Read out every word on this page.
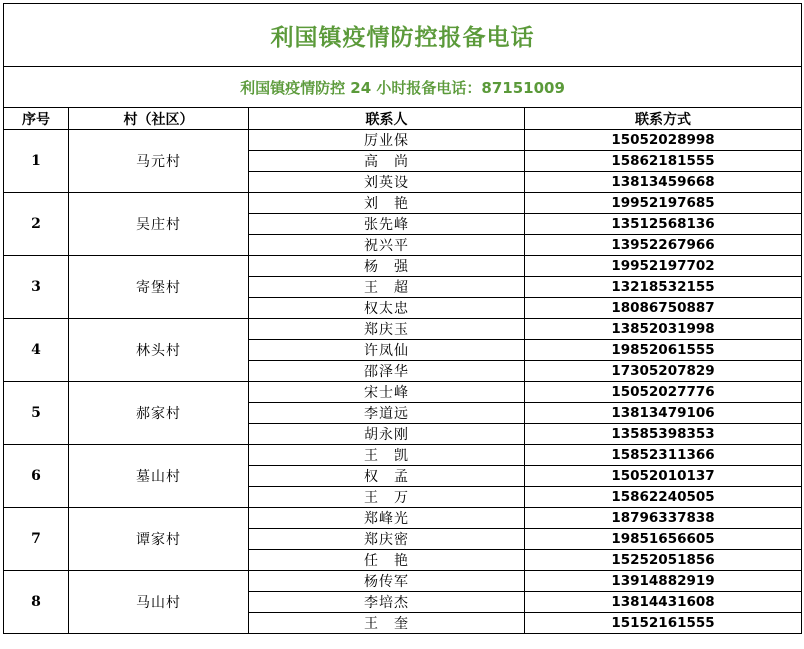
利国镇疫情防控报备电话			
利国镇疫情防控 24 小时报备电话：87151009			
序号	村（社区）	联系人	联系方式
1	马元村	厉业保	15052028998
		高　尚	15862181555
		刘英设	13813459668
2	吴庄村	刘　艳	19952197685
		张先峰	13512568136
		祝兴平	13952267966
3	寄堡村	杨　强	19952197702
		王　超	13218532155
		权太忠	18086750887
4	林头村	郑庆玉	13852031998
		许凤仙	19852061555
		邵泽华	17305207829
5	郝家村	宋士峰	15052027776
		李道远	13813479106
		胡永刚	13585398353
6	墓山村	王　凯	15852311366
		权　孟	15052010137
		王　万	15862240505
7	谭家村	郑峰光	18796337838
		郑庆密	19851656605
		任　艳	15252051856
8	马山村	杨传军	13914882919
		李培杰	13814431608
		王　奎	15152161555
